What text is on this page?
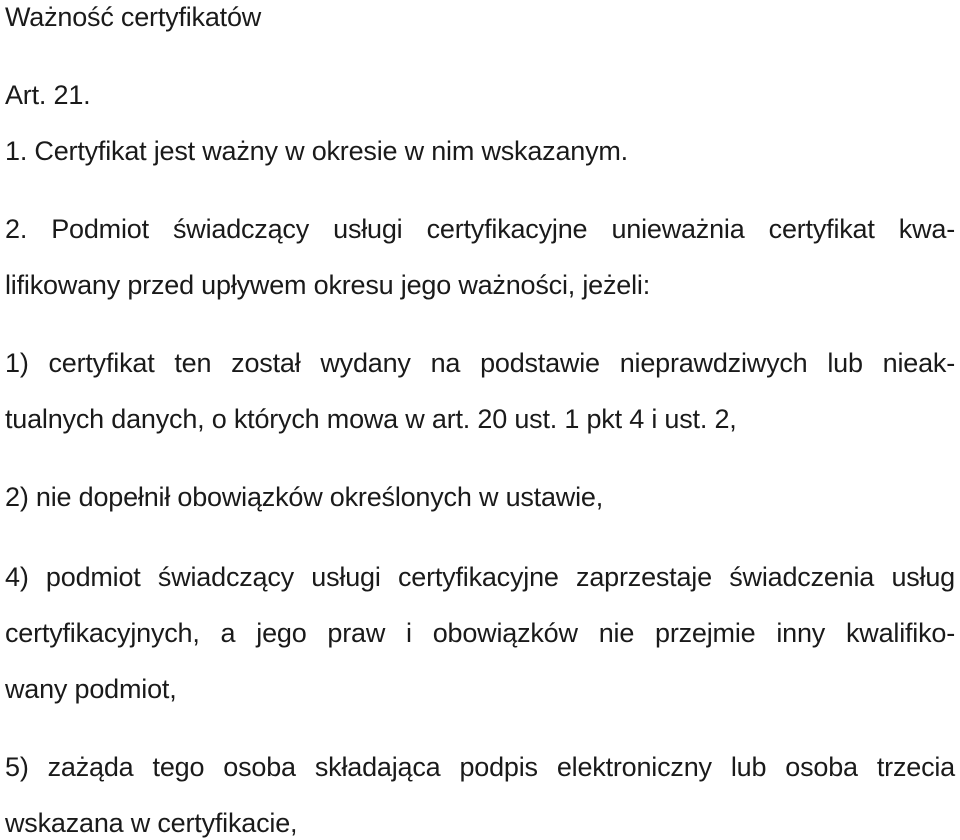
Ważność certyfikatów
Art. 21.
1. Certyfikat jest ważny w okresie w nim wskazanym.
2. Podmiot świadczący usługi certyfikacyjne unieważnia certyfikat kwa-
lifikowany przed upływem okresu jego ważności, jeżeli:
1) certyfikat ten został wydany na podstawie nieprawdziwych lub nieak-
tualnych danych, o których mowa w art. 20 ust. 1 pkt 4 i ust. 2,
2) nie dopełnił obowiązków określonych w ustawie,
4) podmiot świadczący usługi certyfikacyjne zaprzestaje świadczenia usług
certyfikacyjnych, a jego praw i obowiązków nie przejmie inny kwalifiko-
wany podmiot,
5) zażąda tego osoba składająca podpis elektroniczny lub osoba trzecia
wskazana w certyfikacie,
